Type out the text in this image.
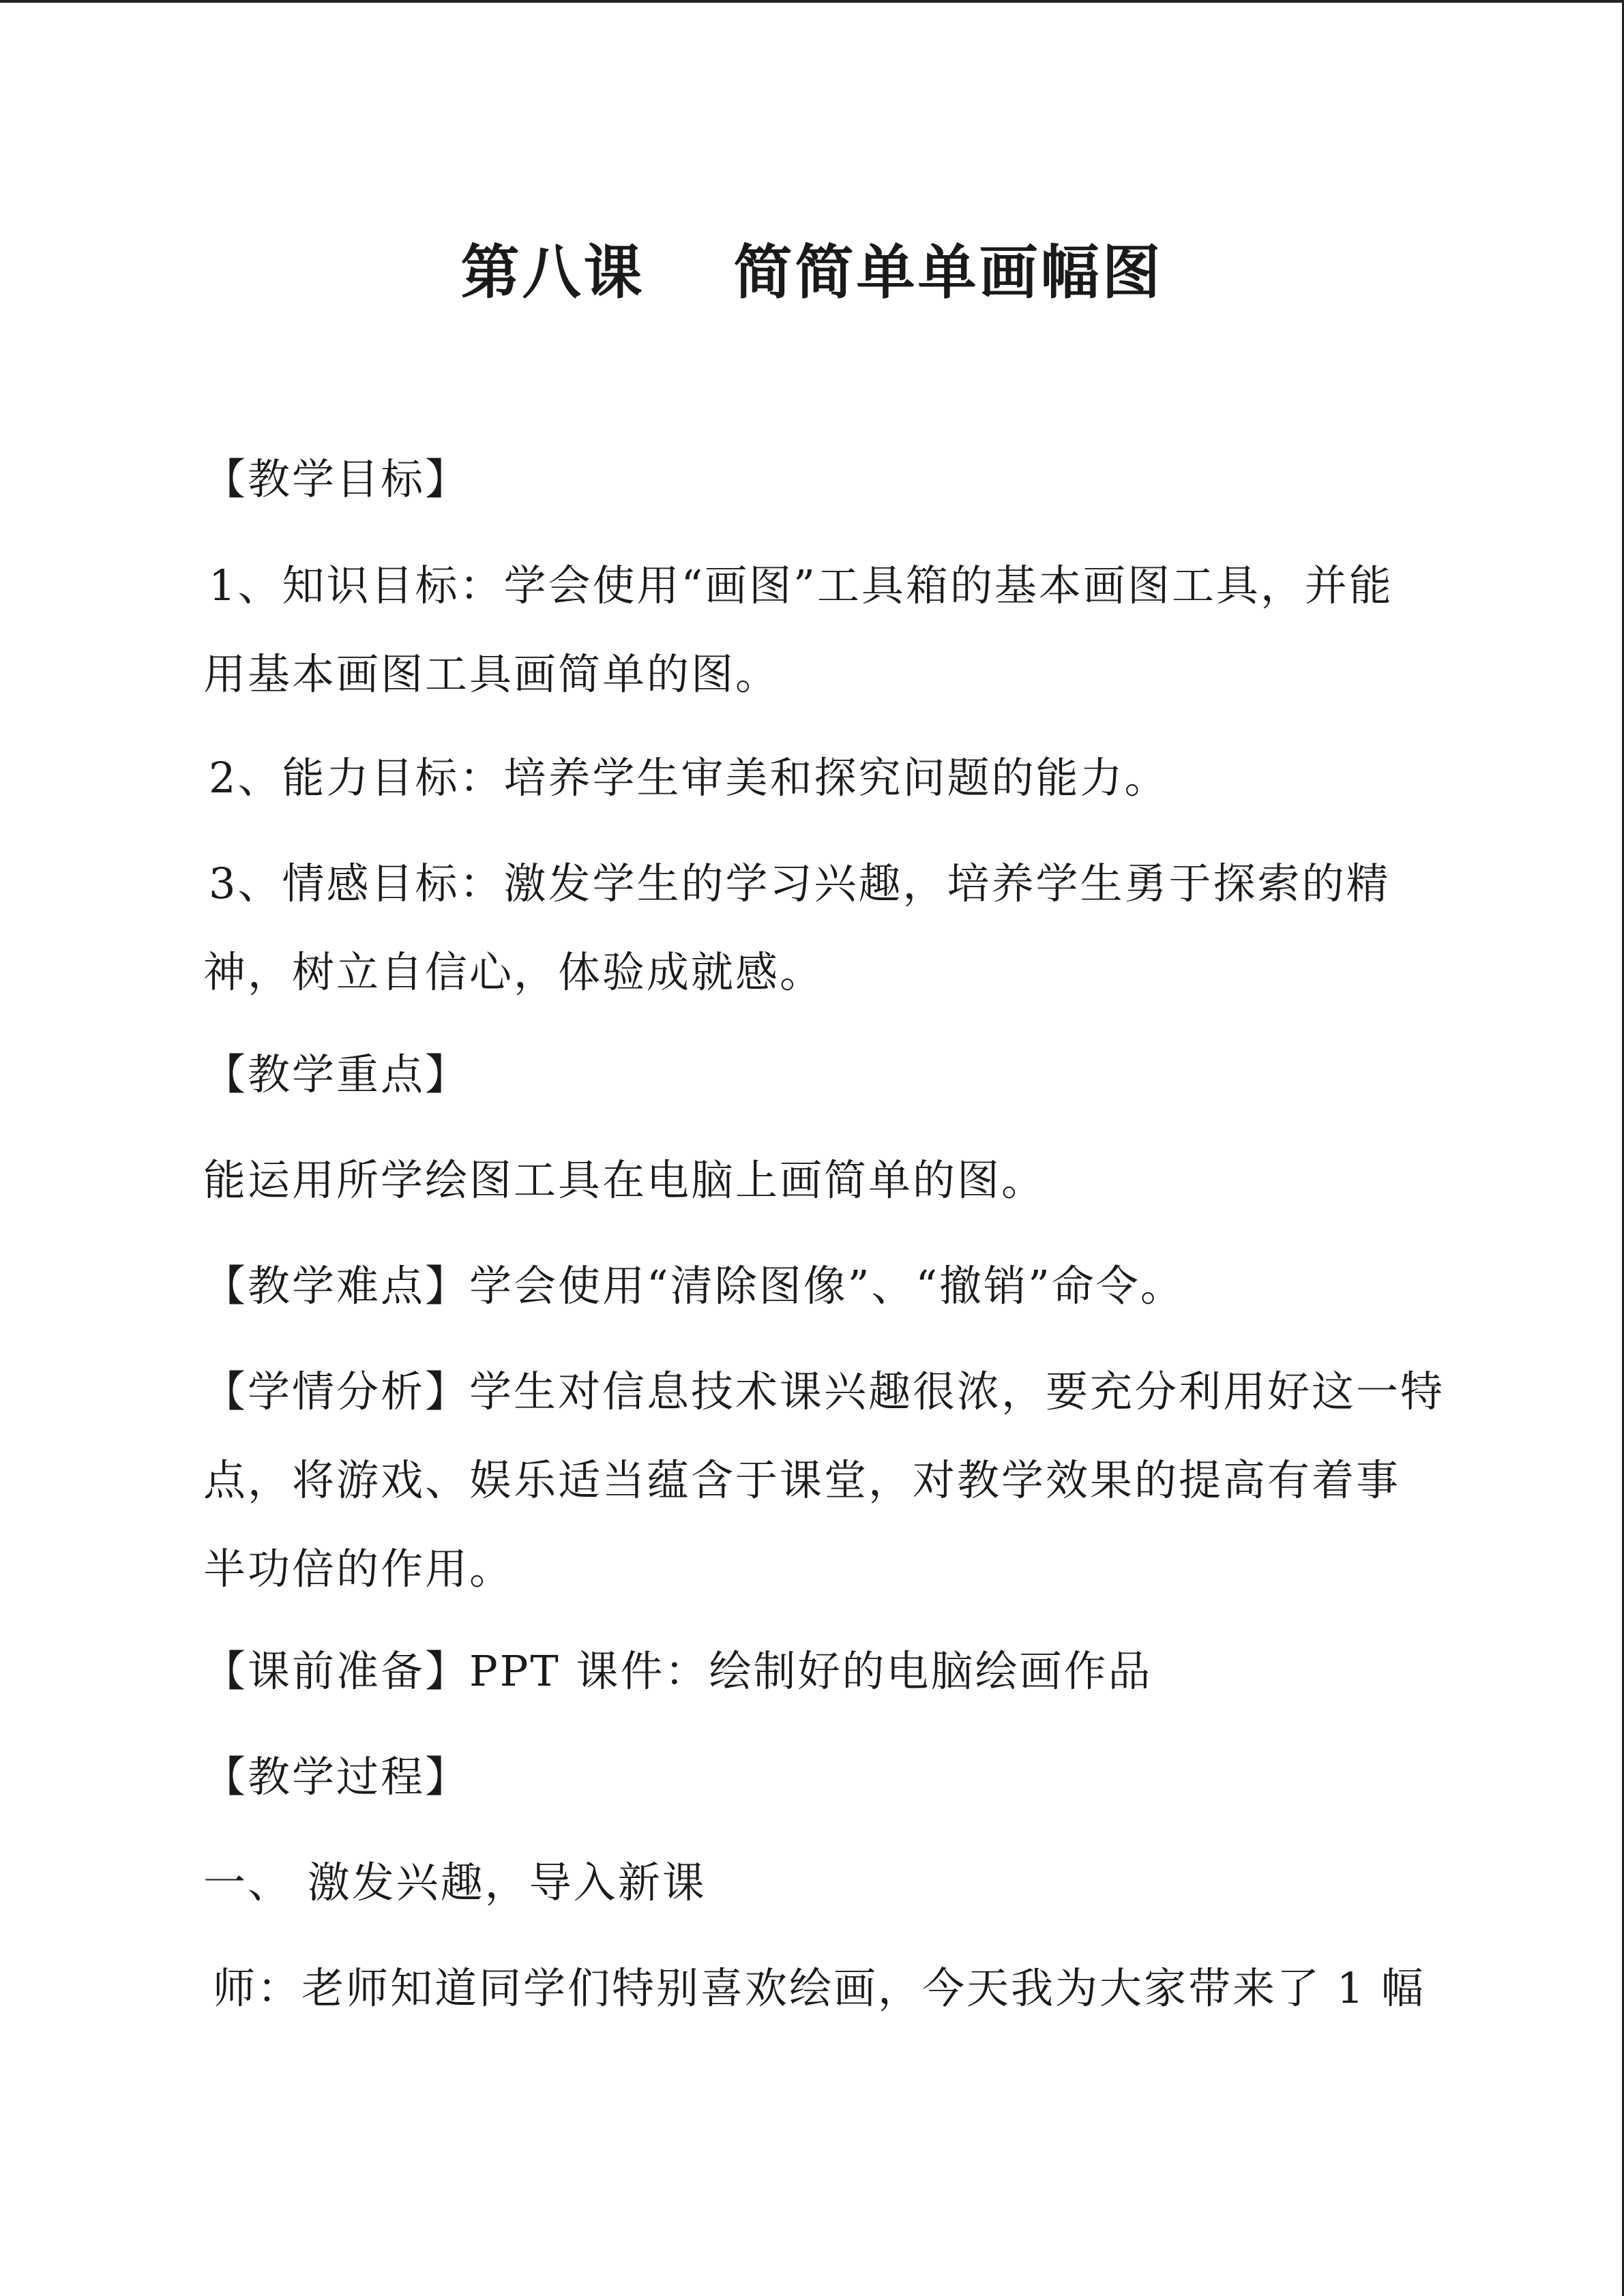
第八课 简简单单画幅图
【教学目标】
1、知识目标：学会使用“画图”工具箱的基本画图工具，并能
用基本画图工具画简单的图。
2、能力目标：培养学生审美和探究问题的能力。
3、情感目标：激发学生的学习兴趣，培养学生勇于探索的精
神，树立自信心，体验成就感。
【教学重点】
能运用所学绘图工具在电脑上画简单的图。
【教学难点】学会使用“清除图像”、“撤销”命令。
【学情分析】学生对信息技术课兴趣很浓，要充分利用好这一特
点，将游戏、娱乐适当蕴含于课堂，对教学效果的提高有着事
半功倍的作用。
【课前准备】PPT 课件：绘制好的电脑绘画作品
【教学过程】
一、 激发兴趣，导入新课
师：老师知道同学们特别喜欢绘画，今天我为大家带来了 1 幅
